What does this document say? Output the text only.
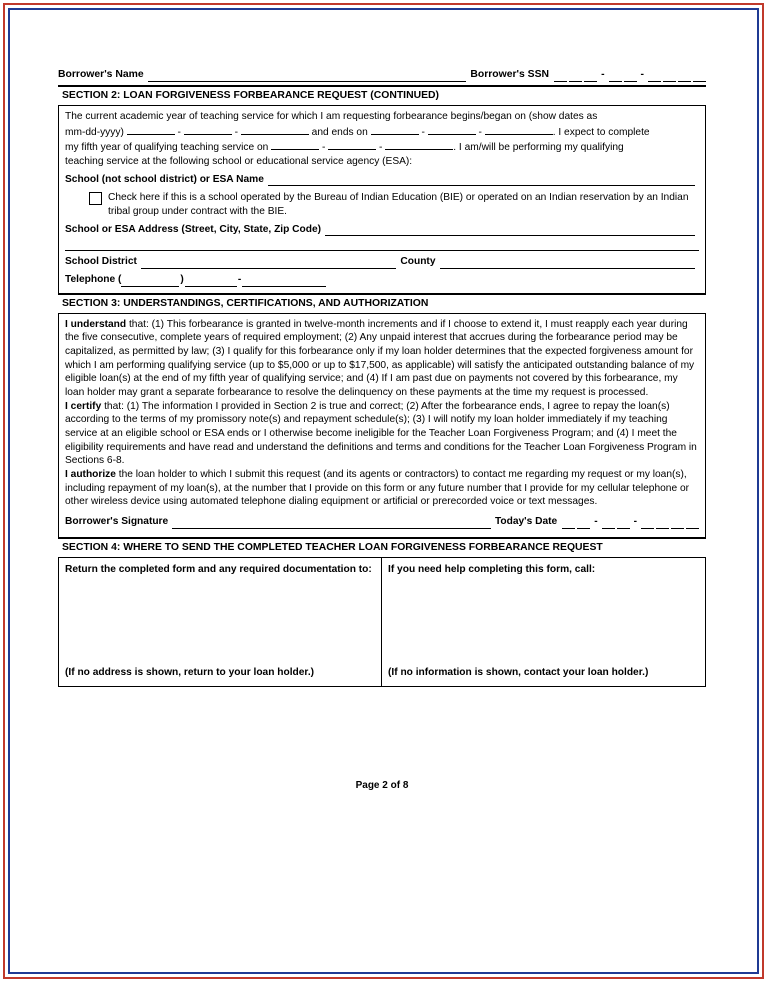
Borrower's Name	Borrower's SSN	-	-
SECTION 2: LOAN FORGIVENESS FORBEARANCE REQUEST (CONTINUED)

The current academic year of teaching service for which I am requesting forbearance begins/began on (show dates as

mm-dd-yyyy)	-	-	and ends on	-	-	. I expect to complete

my fifth year of qualifying teaching service on	-	-	. I am/will be performing my qualifying

teaching service at the following school or educational service agency (ESA):

School (not school district) or ESA Name
Check here if this is a school operated by the Bureau of Indian Education (BIE) or operated on an Indian reservation by an Indian tribal group under contract with the BIE.
School or ESA Address (Street, City, State, Zip Code)
School District	County
Telephone (	)	-
SECTION 3: UNDERSTANDINGS, CERTIFICATIONS, AND AUTHORIZATION

I understand that: (1) This forbearance is granted in twelve-month increments and if I choose to extend it, I must reapply each year during the five consecutive, complete years of required employment; (2) Any unpaid interest that accrues during the forbearance period may be capitalized, as permitted by law; (3) I qualify for this forbearance only if my loan holder determines that the expected forgiveness amount for which I am performing qualifying service (up to $5,000 or up to $17,500, as applicable) will satisfy the anticipated outstanding balance of my eligible loan(s) at the end of my fifth year of qualifying service; and (4) If I am past due on payments not covered by this forbearance, my loan holder may grant a separate forbearance to resolve the delinquency on these payments at the time my request is processed.

I certify that: (1) The information I provided in Section 2 is true and correct; (2) After the forbearance ends, I agree to repay the loan(s) according to the terms of my promissory note(s) and repayment schedule(s); (3) I will notify my loan holder immediately if my teaching service at an eligible school or ESA ends or I otherwise become ineligible for the Teacher Loan Forgiveness Program; and (4) I meet the eligibility requirements and have read and understand the definitions and terms and conditions for the Teacher Loan Forgiveness Program in Sections 6-8.

I authorize the loan holder to which I submit this request (and its agents or contractors) to contact me regarding my request or my loan(s), including repayment of my loan(s), at the number that I provide on this form or any future number that I provide for my cellular telephone or other wireless device using automated telephone dialing equipment or artificial or prerecorded voice or text messages.

Borrower's Signature	Today's Date	-	-
SECTION 4: WHERE TO SEND THE COMPLETED TEACHER LOAN FORGIVENESS FORBEARANCE REQUEST
Return the completed form and any required documentation to:
(If no address is shown, return to your loan holder.)
If you need help completing this form, call:
(If no information is shown, contact your loan holder.)
Page 2 of 8
